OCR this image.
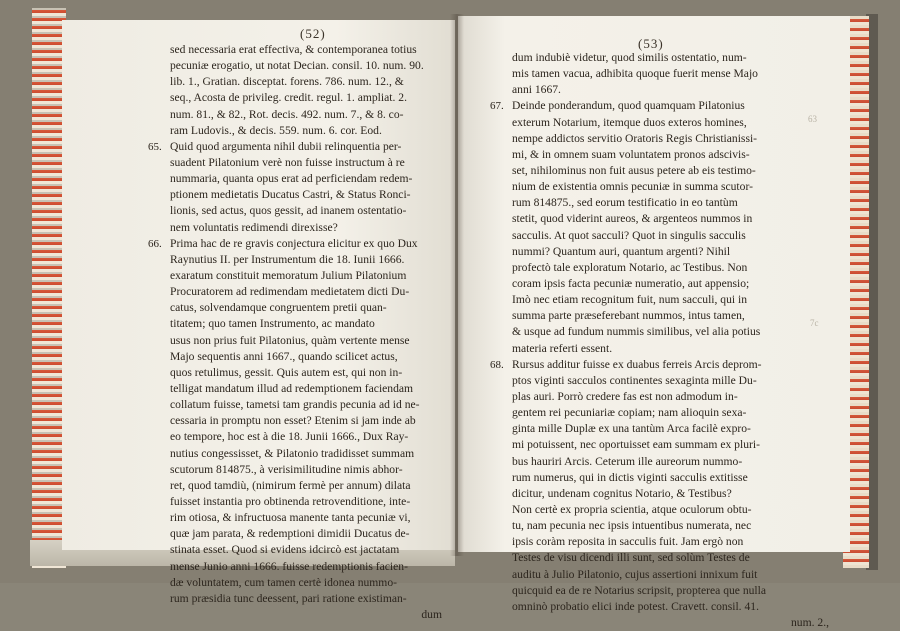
(52)
sed necessaria erat effectiva, & contemporanea totius
pecuniæ erogatio, ut notat Decian. consil. 10. num. 90.
lib. 1., Gratian. disceptat. forens. 786. num. 12., &
seq., Acosta de privileg. credit. regul. 1. ampliat. 2.
num. 81., & 82., Rot. decis. 492. num. 7., & 8. co-
ram Ludovis., & decis. 559. num. 6. cor. Eod.
65. Quid quod argumenta nihil dubii relinquentia per-
suadent Pilatonium verè non fuisse instructum à re
nummaria, quanta opus erat ad perficiendam redem-
ptionem medietatis Ducatus Castri, & Status Ronci-
lionis, sed actus, quos gessit, ad inanem ostentatio-
nem voluntatis redimendi direxisse?
66. Prima hac de re gravis conjectura elicitur ex quo Dux
Raynutius II. per Instrumentum die 18. Iunii 1666.
exaratum constituit memoratum Julium Pilatonium
Procuratorem ad redimendam medietatem dicti Du-
catus, solvendamque congruentem pretii quan-
titatem; quo tamen Instrumento, ac mandato
usus non prius fuit Pilatonius, quàm vertente mense
Majo sequentis anni 1667., quando scilicet actus,
quos retulimus, gessit. Quis autem est, qui non in-
telligat mandatum illud ad redemptionem faciendam
collatum fuisse, tametsi tam grandis pecunia ad id ne-
cessaria in promptu non esset? Etenim si jam inde ab
eo tempore, hoc est à die 18. Junii 1666., Dux Ray-
nutius congessisset, & Pilatonio tradidisset summam
scutorum 814875., à verisimilitudine nimis abhor-
ret, quod tamdiù, (nimirum fermè per annum) dilata
fuisset instantia pro obtinenda retrovenditione, inte-
rim otiosa, & infructuosa manente tanta pecuniæ vi,
quæ jam parata, & redemptioni dimidii Ducatus de-
stinata esset. Quod si evidens idcircò est jactatam
mense Junio anni 1666. fuisse redemptionis facien-
dæ voluntatem, cum tamen certè idonea nummo-
rum præsidia tunc deessent, pari ratione existiman-
dum
(53)
dum indubiè videtur, quod similis ostentatio, num-
mis tamen vacua, adhibita quoque fuerit mense Majo
anni 1667.
67. Deinde ponderandum, quod quamquam Pilatonius
exterum Notarium, itemque duos exteros homines,
nempe addictos servitio Oratoris Regis Christianissi-
mi, & in omnem suam voluntatem pronos adscivis-
set, nihilominus non fuit ausus petere ab eis testimo-
nium de existentia omnis pecuniæ in summa scutor-
rum 814875., sed eorum testificatio in eo tantùm
stetit, quod viderint aureos, & argenteos nummos in
sacculis. At quot sacculi? Quot in singulis sacculis
nummi? Quantum auri, quantum argenti? Nihil
profectò tale exploratum Notario, ac Testibus. Non
coram ipsis facta pecuniæ numeratio, aut appensio;
Imò nec etiam recognitum fuit, num sacculi, qui in
summa parte præseferebant nummos, intus tamen,
& usque ad fundum nummis similibus, vel alia potius
materia referti essent.
68. Rursus additur fuisse ex duabus ferreis Arcis deprom-
ptos viginti sacculos continentes sexaginta mille Du-
plas auri. Porrò credere fas est non admodum in-
gentem rei pecuniariæ copiam; nam alioquin sexa-
ginta mille Duplæ ex una tantùm Arca facilè expro-
mi potuissent, nec oportuisset eam summam ex pluri-
bus hauriri Arcis. Ceterum ille aureorum nummo-
rum numerus, qui in dictis viginti sacculis extitisse
dicitur, undenam cognitus Notario, & Testibus?
Non certè ex propria scientia, atque oculorum obtu-
tu, nam pecunia nec ipsis intuentibus numerata, nec
ipsis coràm reposita in sacculis fuit. Jam ergò non
Testes de visu dicendi illi sunt, sed solùm Testes de
auditu à Julio Pilatonio, cujus assertioni innixum fuit
quicquid ea de re Notarius scripsit, propterea que nulla
omninò probatio elici inde potest. Cravett. consil. 41.
num. 2.,
63
7c
